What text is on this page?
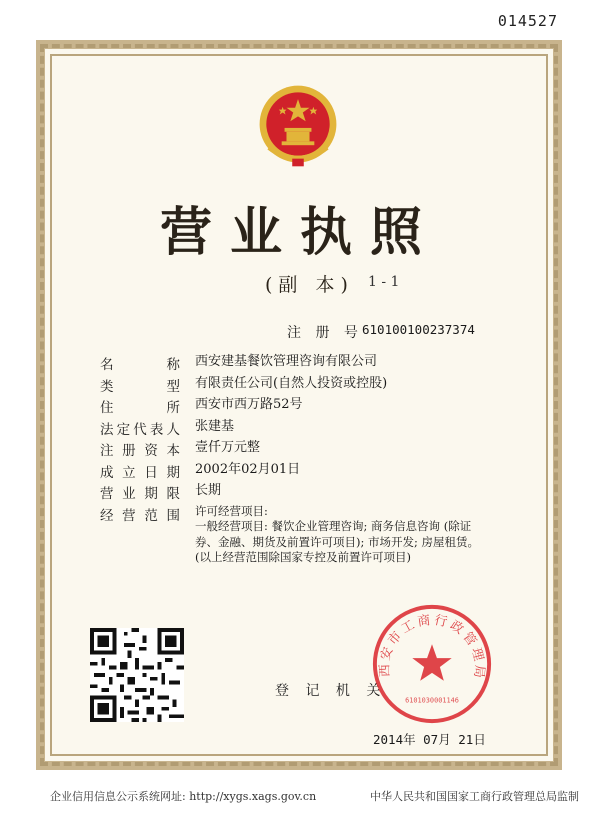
014527
营业执照
(副 本) 1 - 1
注 册 号 610100100237374
名	称 西安建基餐饮管理咨询有限公司
类	型 有限责任公司(自然人投资或控股)
住	所 西安市西万路52号
法 定 代 表 人 张建基
注 册 资 本 壹仟万元整
成 立 日 期 2002年02月01日
营 业 期 限 长期
经 营 范 围 许可经营项目:
一般经营项目: 餐饮企业管理咨询; 商务信息咨询 (除证
券、金融、期货及前置许可项目); 市场开发; 房屋租赁。
(以上经营范围除国家专控及前置许可项目)
登 记 机 关
西安市工商行政管理局
6101030001146
2014年 07月 21日
企业信用信息公示系统网址: http://xygs.xags.gov.cn	中华人民共和国国家工商行政管理总局监制
